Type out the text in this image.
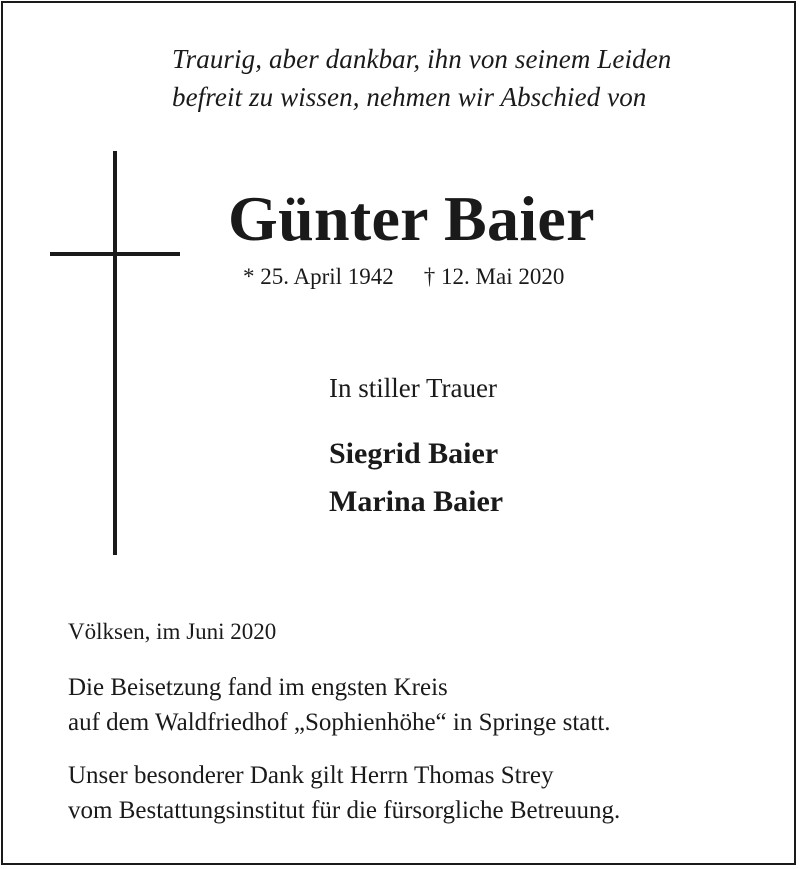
Traurig, aber dankbar, ihn von seinem Leiden
befreit zu wissen, nehmen wir Abschied von
Günter Baier
* 25. April 1942 † 12. Mai 2020
In stiller Trauer
Siegrid Baier
Marina Baier
Völksen, im Juni 2020
Die Beisetzung fand im engsten Kreis
auf dem Waldfriedhof „Sophienhöhe“ in Springe statt.
Unser besonderer Dank gilt Herrn Thomas Strey
vom Bestattungsinstitut für die fürsorgliche Betreuung.
